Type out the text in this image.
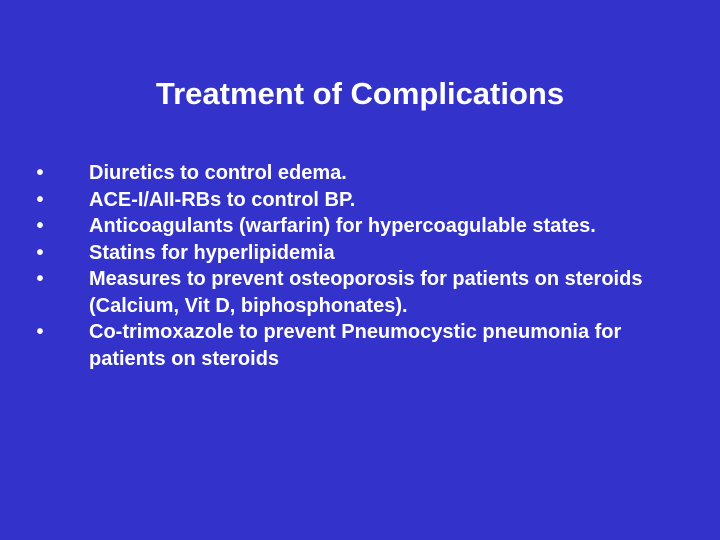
Treatment of Complications
•	Diuretics to control edema.
•	ACE-I/AII-RBs to control BP.
•	Anticoagulants (warfarin) for hypercoagulable states.
•	Statins for hyperlipidemia
•	Measures to prevent osteoporosis for patients on steroids (Calcium, Vit D, biphosphonates).
•	Co-trimoxazole to prevent Pneumocystic pneumonia for patients on steroids
